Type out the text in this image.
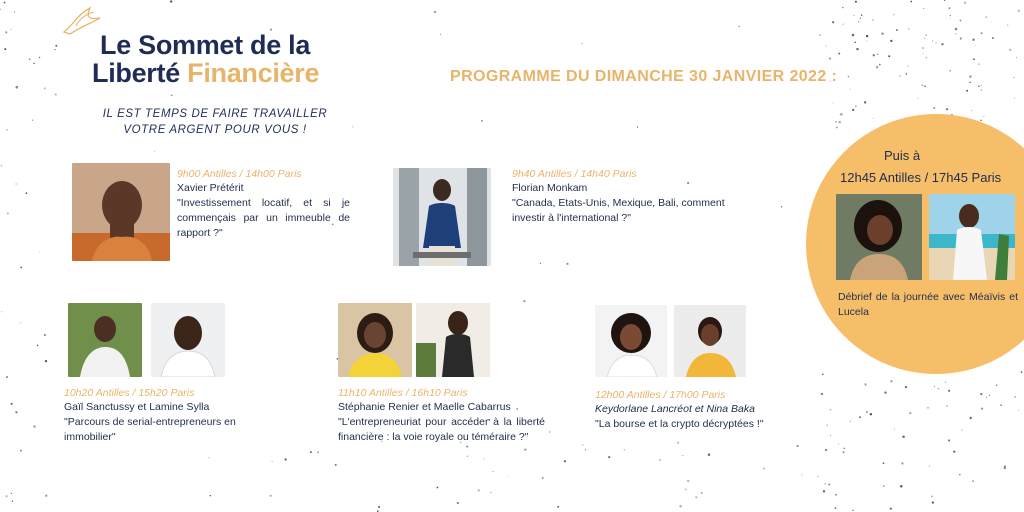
Le Sommet de la
Liberté Financière
IL EST TEMPS DE FAIRE TRAVAILLER
VOTRE ARGENT POUR VOUS !
PROGRAMME DU DIMANCHE 30 JANVIER 2022 :
9h00 Antilles / 14h00 Paris
Xavier Prétérit
"Investissement locatif, et si je commençais par un immeuble de rapport ?"
9h40 Antilles / 14h40 Paris
Florian Monkam
"Canada, Etats-Unis, Mexique, Bali, comment investir à l'international ?"
10h20 Antilles / 15h20 Paris
Gaïl Sanctussy et Lamine Sylla
"Parcours de serial-entrepreneurs en immobilier"
11h10 Antilles / 16h10 Paris
Stéphanie Renier et Maelle Cabarrus
"L'entrepreneuriat pour accéder à la liberté financière : la voie royale ou téméraire ?"
12h00 Antilles / 17h00 Paris
Keydorlane Lancréot et Nina Baka
"La bourse et la crypto décryptées !"
Puis à
12h45 Antilles / 17h45 Paris
Débrief de la journée avec Méaïvis et Lucela
